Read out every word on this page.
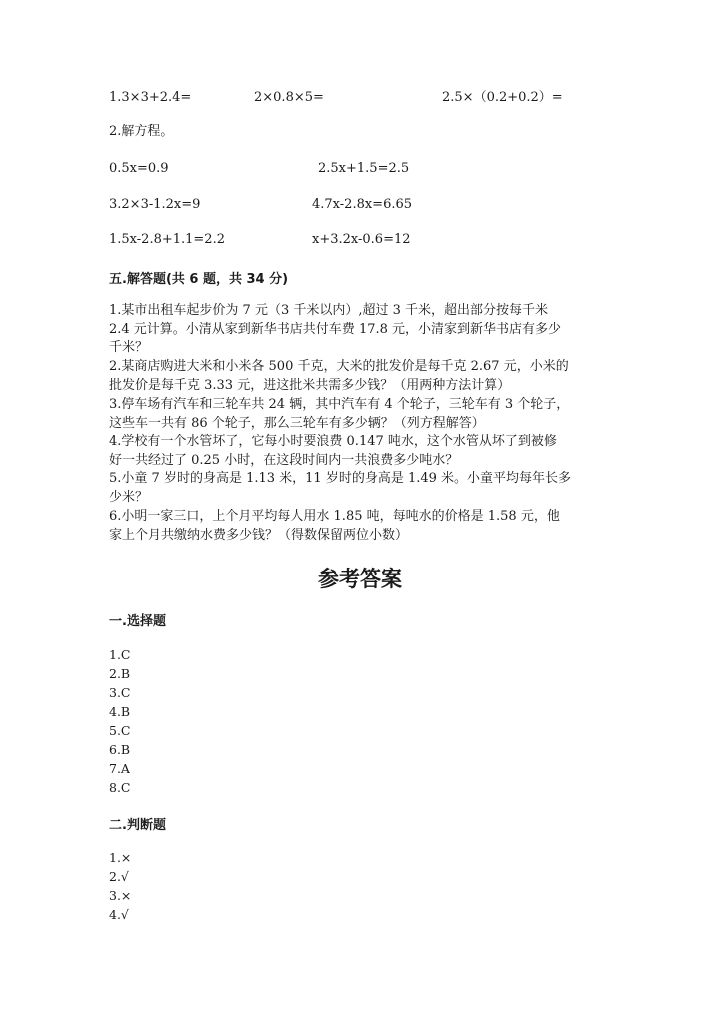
1.3×3+2.4=	2×0.8×5=	2.5×（0.2+0.2）=
2.解方程。
0.5x=0.9	2.5x+1.5=2.5
3.2×3-1.2x=9	4.7x-2.8x=6.65
1.5x-2.8+1.1=2.2	x+3.2x-0.6=12
五.解答题(共 6 题，共 34 分)
1.某市出租车起步价为 7 元（3 千米以内）,超过 3 千米，超出部分按每千米
2.4 元计算。小清从家到新华书店共付车费 17.8 元，小清家到新华书店有多少
千米？
2.某商店购进大米和小米各 500 千克，大米的批发价是每千克 2.67 元，小米的
批发价是每千克 3.33 元，进这批米共需多少钱？（用两种方法计算）
3.停车场有汽车和三轮车共 24 辆，其中汽车有 4 个轮子，三轮车有 3 个轮子，
这些车一共有 86 个轮子，那么三轮车有多少辆？（列方程解答）
4.学校有一个水管坏了，它每小时要浪费 0.147 吨水，这个水管从坏了到被修
好一共经过了 0.25 小时，在这段时间内一共浪费多少吨水？
5.小童 7 岁时的身高是 1.13 米，11 岁时的身高是 1.49 米。小童平均每年长多
少米？
6.小明一家三口，上个月平均每人用水 1.85 吨，每吨水的价格是 1.58 元，他
家上个月共缴纳水费多少钱？（得数保留两位小数）
参考答案
一.选择题
1.C
2.B
3.C
4.B
5.C
6.B
7.A
8.C
二.判断题
1.×
2.√
3.×
4.√
